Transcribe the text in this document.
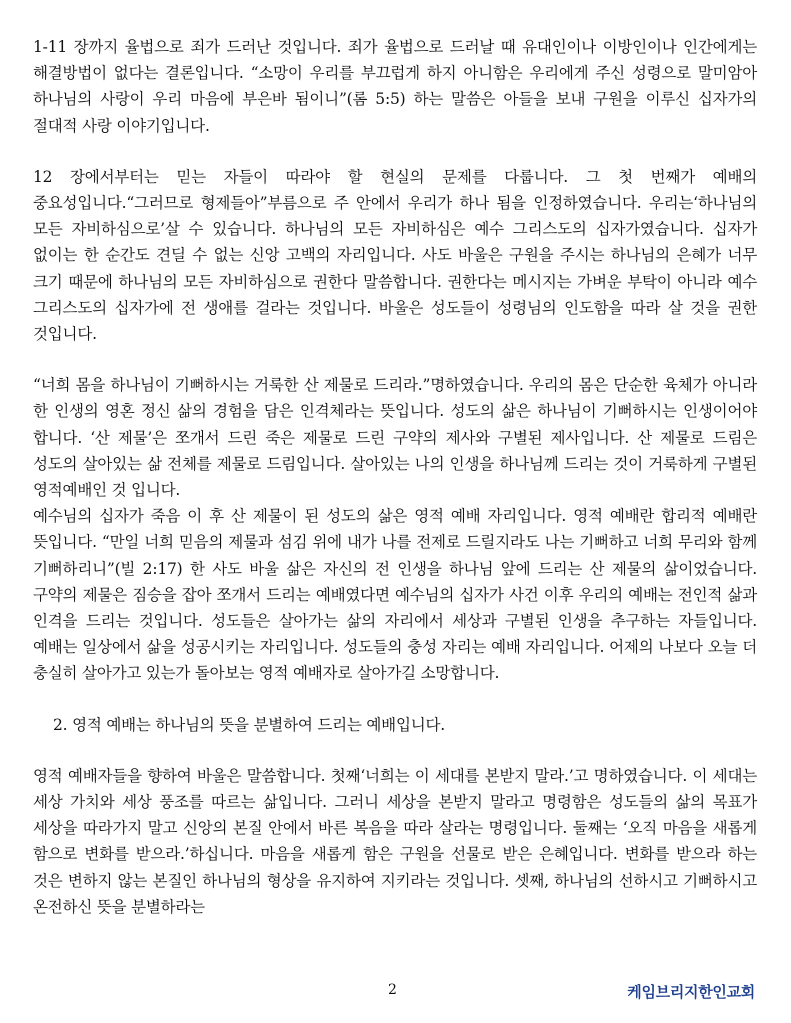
1-11 장까지 율법으로 죄가 드러난 것입니다. 죄가 율법으로 드러날 때 유대인이나 이방인이나 인간에게는 해결방법이 없다는 결론입니다. “소망이 우리를 부끄럽게 하지 아니함은 우리에게 주신 성령으로 말미암아 하나님의 사랑이 우리 마음에 부은바 됨이니”(롬 5:5) 하는 말씀은 아들을 보내 구원을 이루신 십자가의 절대적 사랑 이야기입니다.

12 장에서부터는 믿는 자들이 따라야 할 현실의 문제를 다룹니다. 그 첫 번째가 예배의 중요성입니다.“그러므로 형제들아”부름으로 주 안에서 우리가 하나 됨을 인정하였습니다. 우리는‘하나님의 모든 자비하심으로’살 수 있습니다. 하나님의 모든 자비하심은 예수 그리스도의 십자가였습니다. 십자가 없이는 한 순간도 견딜 수 없는 신앙 고백의 자리입니다. 사도 바울은 구원을 주시는 하나님의 은혜가 너무 크기 때문에 하나님의 모든 자비하심으로 권한다 말씀합니다. 권한다는 메시지는 가벼운 부탁이 아니라 예수 그리스도의 십자가에 전 생애를 걸라는 것입니다. 바울은 성도들이 성령님의 인도함을 따라 살 것을 권한 것입니다.

“너희 몸을 하나님이 기뻐하시는 거룩한 산 제물로 드리라.”명하였습니다. 우리의 몸은 단순한 육체가 아니라 한 인생의 영혼 정신 삶의 경험을 담은 인격체라는 뜻입니다. 성도의 삶은 하나님이 기뻐하시는 인생이어야 합니다. ‘산 제물’은 쪼개서 드린 죽은 제물로 드린 구약의 제사와 구별된 제사입니다. 산 제물로 드림은 성도의 살아있는 삶 전체를 제물로 드림입니다. 살아있는 나의 인생을 하나님께 드리는 것이 거룩하게 구별된 영적예배인 것 입니다.

예수님의 십자가 죽음 이 후 산 제물이 된 성도의 삶은 영적 예배 자리입니다. 영적 예배란 합리적 예배란 뜻입니다. “만일 너희 믿음의 제물과 섬김 위에 내가 나를 전제로 드릴지라도 나는 기뻐하고 너희 무리와 함께 기뻐하리니”(빌 2:17) 한 사도 바울 삶은 자신의 전 인생을 하나님 앞에 드리는 산 제물의 삶이었습니다. 구약의 제물은 짐승을 잡아 쪼개서 드리는 예배였다면 예수님의 십자가 사건 이후 우리의 예배는 전인적 삶과 인격을 드리는 것입니다. 성도들은 살아가는 삶의 자리에서 세상과 구별된 인생을 추구하는 자들입니다. 예배는 일상에서 삶을 성공시키는 자리입니다. 성도들의 충성 자리는 예배 자리입니다. 어제의 나보다 오늘 더 충실히 살아가고 있는가 돌아보는 영적 예배자로 살아가길 소망합니다.

2. 영적 예배는 하나님의 뜻을 분별하여 드리는 예배입니다.

영적 예배자들을 향하여 바울은 말씀합니다. 첫째‘너희는 이 세대를 본받지 말라.’고 명하였습니다. 이 세대는 세상 가치와 세상 풍조를 따르는 삶입니다. 그러니 세상을 본받지 말라고 명령함은 성도들의 삶의 목표가 세상을 따라가지 말고 신앙의 본질 안에서 바른 복음을 따라 살라는 명령입니다. 둘째는 ‘오직 마음을 새롭게 함으로 변화를 받으라.’하십니다. 마음을 새롭게 함은 구원을 선물로 받은 은혜입니다. 변화를 받으라 하는 것은 변하지 않는 본질인 하나님의 형상을 유지하여 지키라는 것입니다. 셋째, 하나님의 선하시고 기뻐하시고 온전하신 뜻을 분별하라는

2	케임브리지한인교회
